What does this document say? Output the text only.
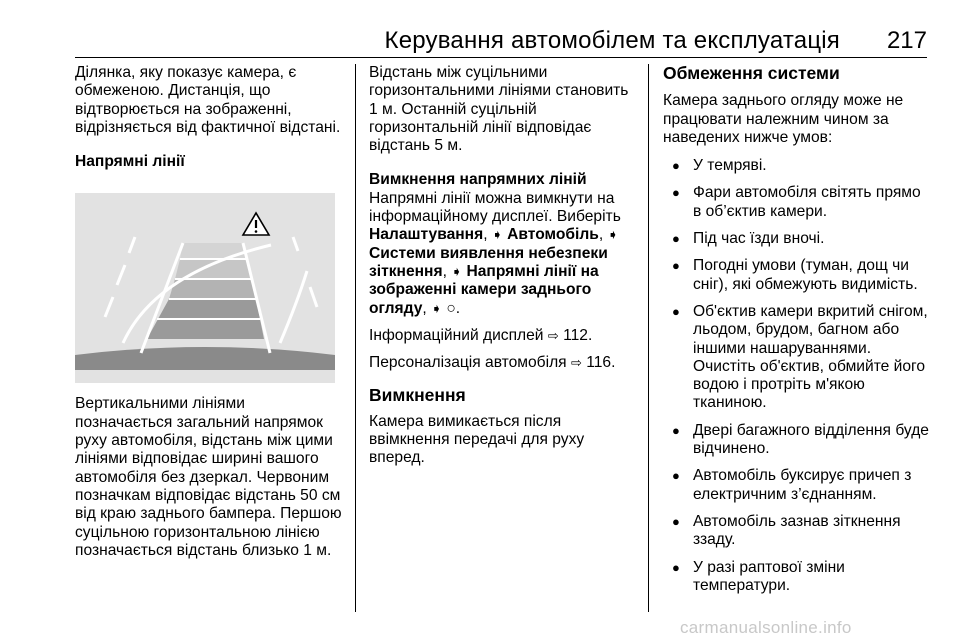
Керування автомобілем та експлуатація 217

Ділянка, яку показує камера, є обмеженою. Дистанція, що відтворюється на зображенні, відрізняється від фактичної відстані.

Напрямні лінії

Вертикальними лініями позначається загальний напрямок руху автомобіля, відстань між цими лініями відповідає ширині вашого автомобіля без дзеркал. Червоним позначкам відповідає відстань 50 см від краю заднього бампера. Першою суцільною горизонтальною лінією позначається відстань близько 1 м.

Відстань між суцільними горизонтальними лініями становить 1 м. Останній суцільній горизонтальній лінії відповідає відстань 5 м.

Вимкнення напрямних ліній

Напрямні лінії можна вимкнути на інформаційному дисплеї. Виберіть Налаштування, ➧ Автомобіль, ➧ Системи виявлення небезпеки зіткнення, ➧ Напрямні лінії на зображенні камери заднього огляду, ➧ ○.

Інформаційний дисплей ⇨ 112.

Персоналізація автомобіля ⇨ 116.

Вимкнення

Камера вимикається після ввімкнення передачі для руху вперед.

Обмеження системи

Камера заднього огляду може не працювати належним чином за наведених нижче умов:

● У темряві.
● Фари автомобіля світять прямо в об’єктив камери.
● Під час їзди вночі.
● Погодні умови (туман, дощ чи сніг), які обмежують видимість.
● Об'єктив камери вкритий снігом, льодом, брудом, багном або іншими нашаруваннями. Очистіть об'єктив, обмийте його водою і протріть м'якою тканиною.
● Двері багажного відділення буде відчинено.
● Автомобіль буксирує причеп з електричним з’єднанням.
● Автомобіль зазнав зіткнення ззаду.
● У разі раптової зміни температури.
carmanualsonline.info
